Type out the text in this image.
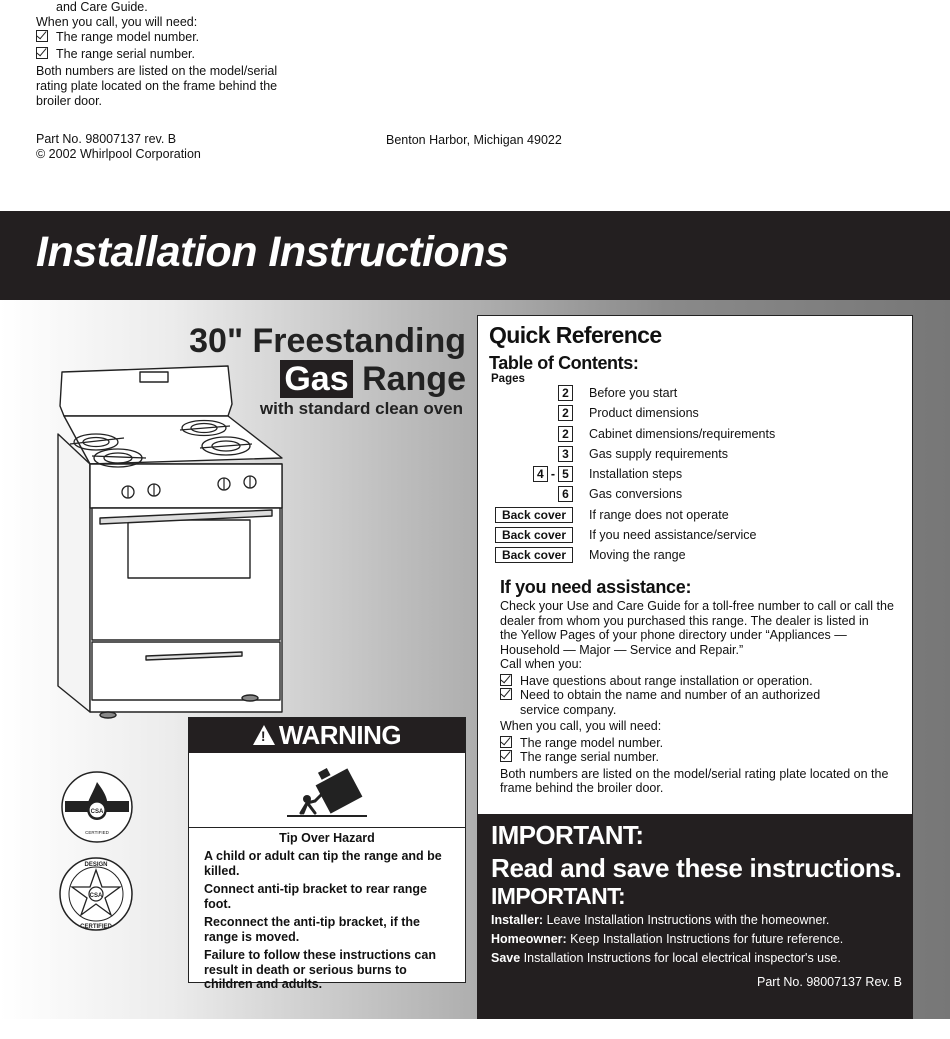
and Care Guide.
When you call, you will need:
The range model number.
The range serial number.
Both numbers are listed on the model/serial
rating plate located on the frame behind the
broiler door.
Part No. 98007137 rev. B
© 2002 Whirlpool Corporation
Benton Harbor, Michigan 49022
Installation Instructions
30" Freestanding
Gas Range
with standard clean oven
CSA
CERTIFIED
CSA
DESIGN
CERTIFIED
!WARNING
Tip Over Hazard
A child or adult can tip the range and be killed.
Connect anti-tip bracket to rear range foot.
Reconnect the anti-tip bracket, if the range is moved.
Failure to follow these instructions can result in death or serious burns to children and adults.
Quick Reference
Table of Contents:
Pages
2	Before you start
2	Product dimensions
2	Cabinet dimensions/requirements
3	Gas supply requirements
4 - 5	Installation steps
6	Gas conversions
Back cover	If range does not operate
Back cover	If you need assistance/service
Back cover	Moving the range
If you need assistance:
Check your Use and Care Guide for a toll-free number to call or call the
dealer from whom you purchased this range. The dealer is listed in
the Yellow Pages of your phone directory under “Appliances —
Household — Major — Service and Repair.”
Call when you:
Have questions about range installation or operation.
Need to obtain the name and number of an authorized
service company.
When you call, you will need:
The range model number.
The range serial number.
Both numbers are listed on the model/serial rating plate located on the
frame behind the broiler door.
IMPORTANT:
Read and save these instructions.
IMPORTANT:
Installer: Leave Installation Instructions with the homeowner.
Homeowner: Keep Installation Instructions for future reference.
Save Installation Instructions for local electrical inspector's use.
Part No. 98007137 Rev. B
